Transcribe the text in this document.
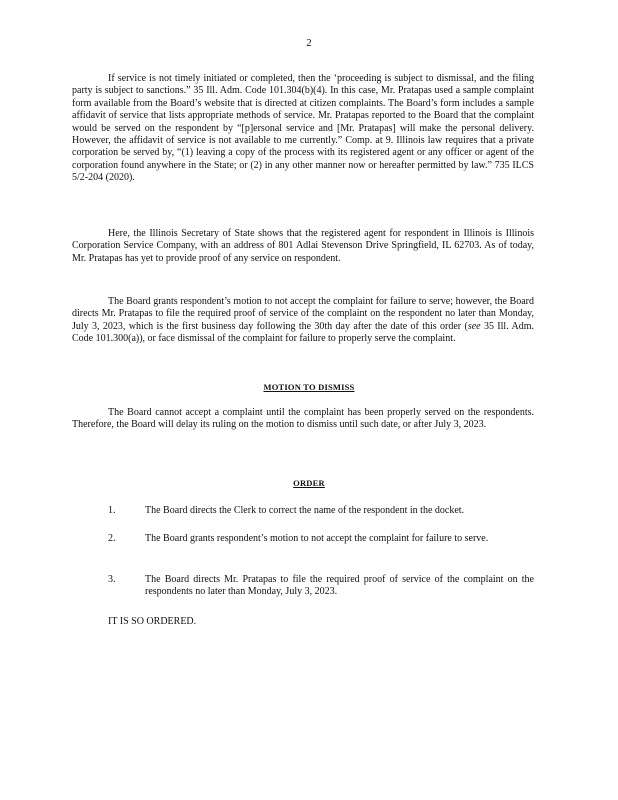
2

If service is not timely initiated or completed, then the ‘proceeding is subject to dismissal, and the filing party is subject to sanctions.” 35 Ill. Adm. Code 101.304(b)(4). In this case, Mr. Pratapas used a sample complaint form available from the Board’s website that is directed at citizen complaints. The Board’s form includes a sample affidavit of service that lists appropriate methods of service. Mr. Pratapas reported to the Board that the complaint would be served on the respondent by “[p]ersonal service and [Mr. Pratapas] will make the personal delivery. However, the affidavit of service is not available to me currently.” Comp. at 9. Illinois law requires that a private corporation be served by, “(1) leaving a copy of the process with its registered agent or any officer or agent of the corporation found anywhere in the State; or (2) in any other manner now or hereafter permitted by law.” 735 ILCS 5/2-204 (2020).

Here, the Illinois Secretary of State shows that the registered agent for respondent in Illinois is Illinois Corporation Service Company, with an address of 801 Adlai Stevenson Drive Springfield, IL 62703. As of today, Mr. Pratapas has yet to provide proof of any service on respondent.

The Board grants respondent’s motion to not accept the complaint for failure to serve; however, the Board directs Mr. Pratapas to file the required proof of service of the complaint on the respondent no later than Monday, July 3, 2023, which is the first business day following the 30th day after the date of this order (see 35 Ill. Adm. Code 101.300(a)), or face dismissal of the complaint for failure to properly serve the complaint.

MOTION TO DISMISS

The Board cannot accept a complaint until the complaint has been properly served on the respondents. Therefore, the Board will delay its ruling on the motion to dismiss until such date, or after July 3, 2023.

ORDER
1.	The Board directs the Clerk to correct the name of the respondent in the docket.
2.	The Board grants respondent’s motion to not accept the complaint for failure to serve.
3.	The Board directs Mr. Pratapas to file the required proof of service of the complaint on the respondents no later than Monday, July 3, 2023.
IT IS SO ORDERED.
